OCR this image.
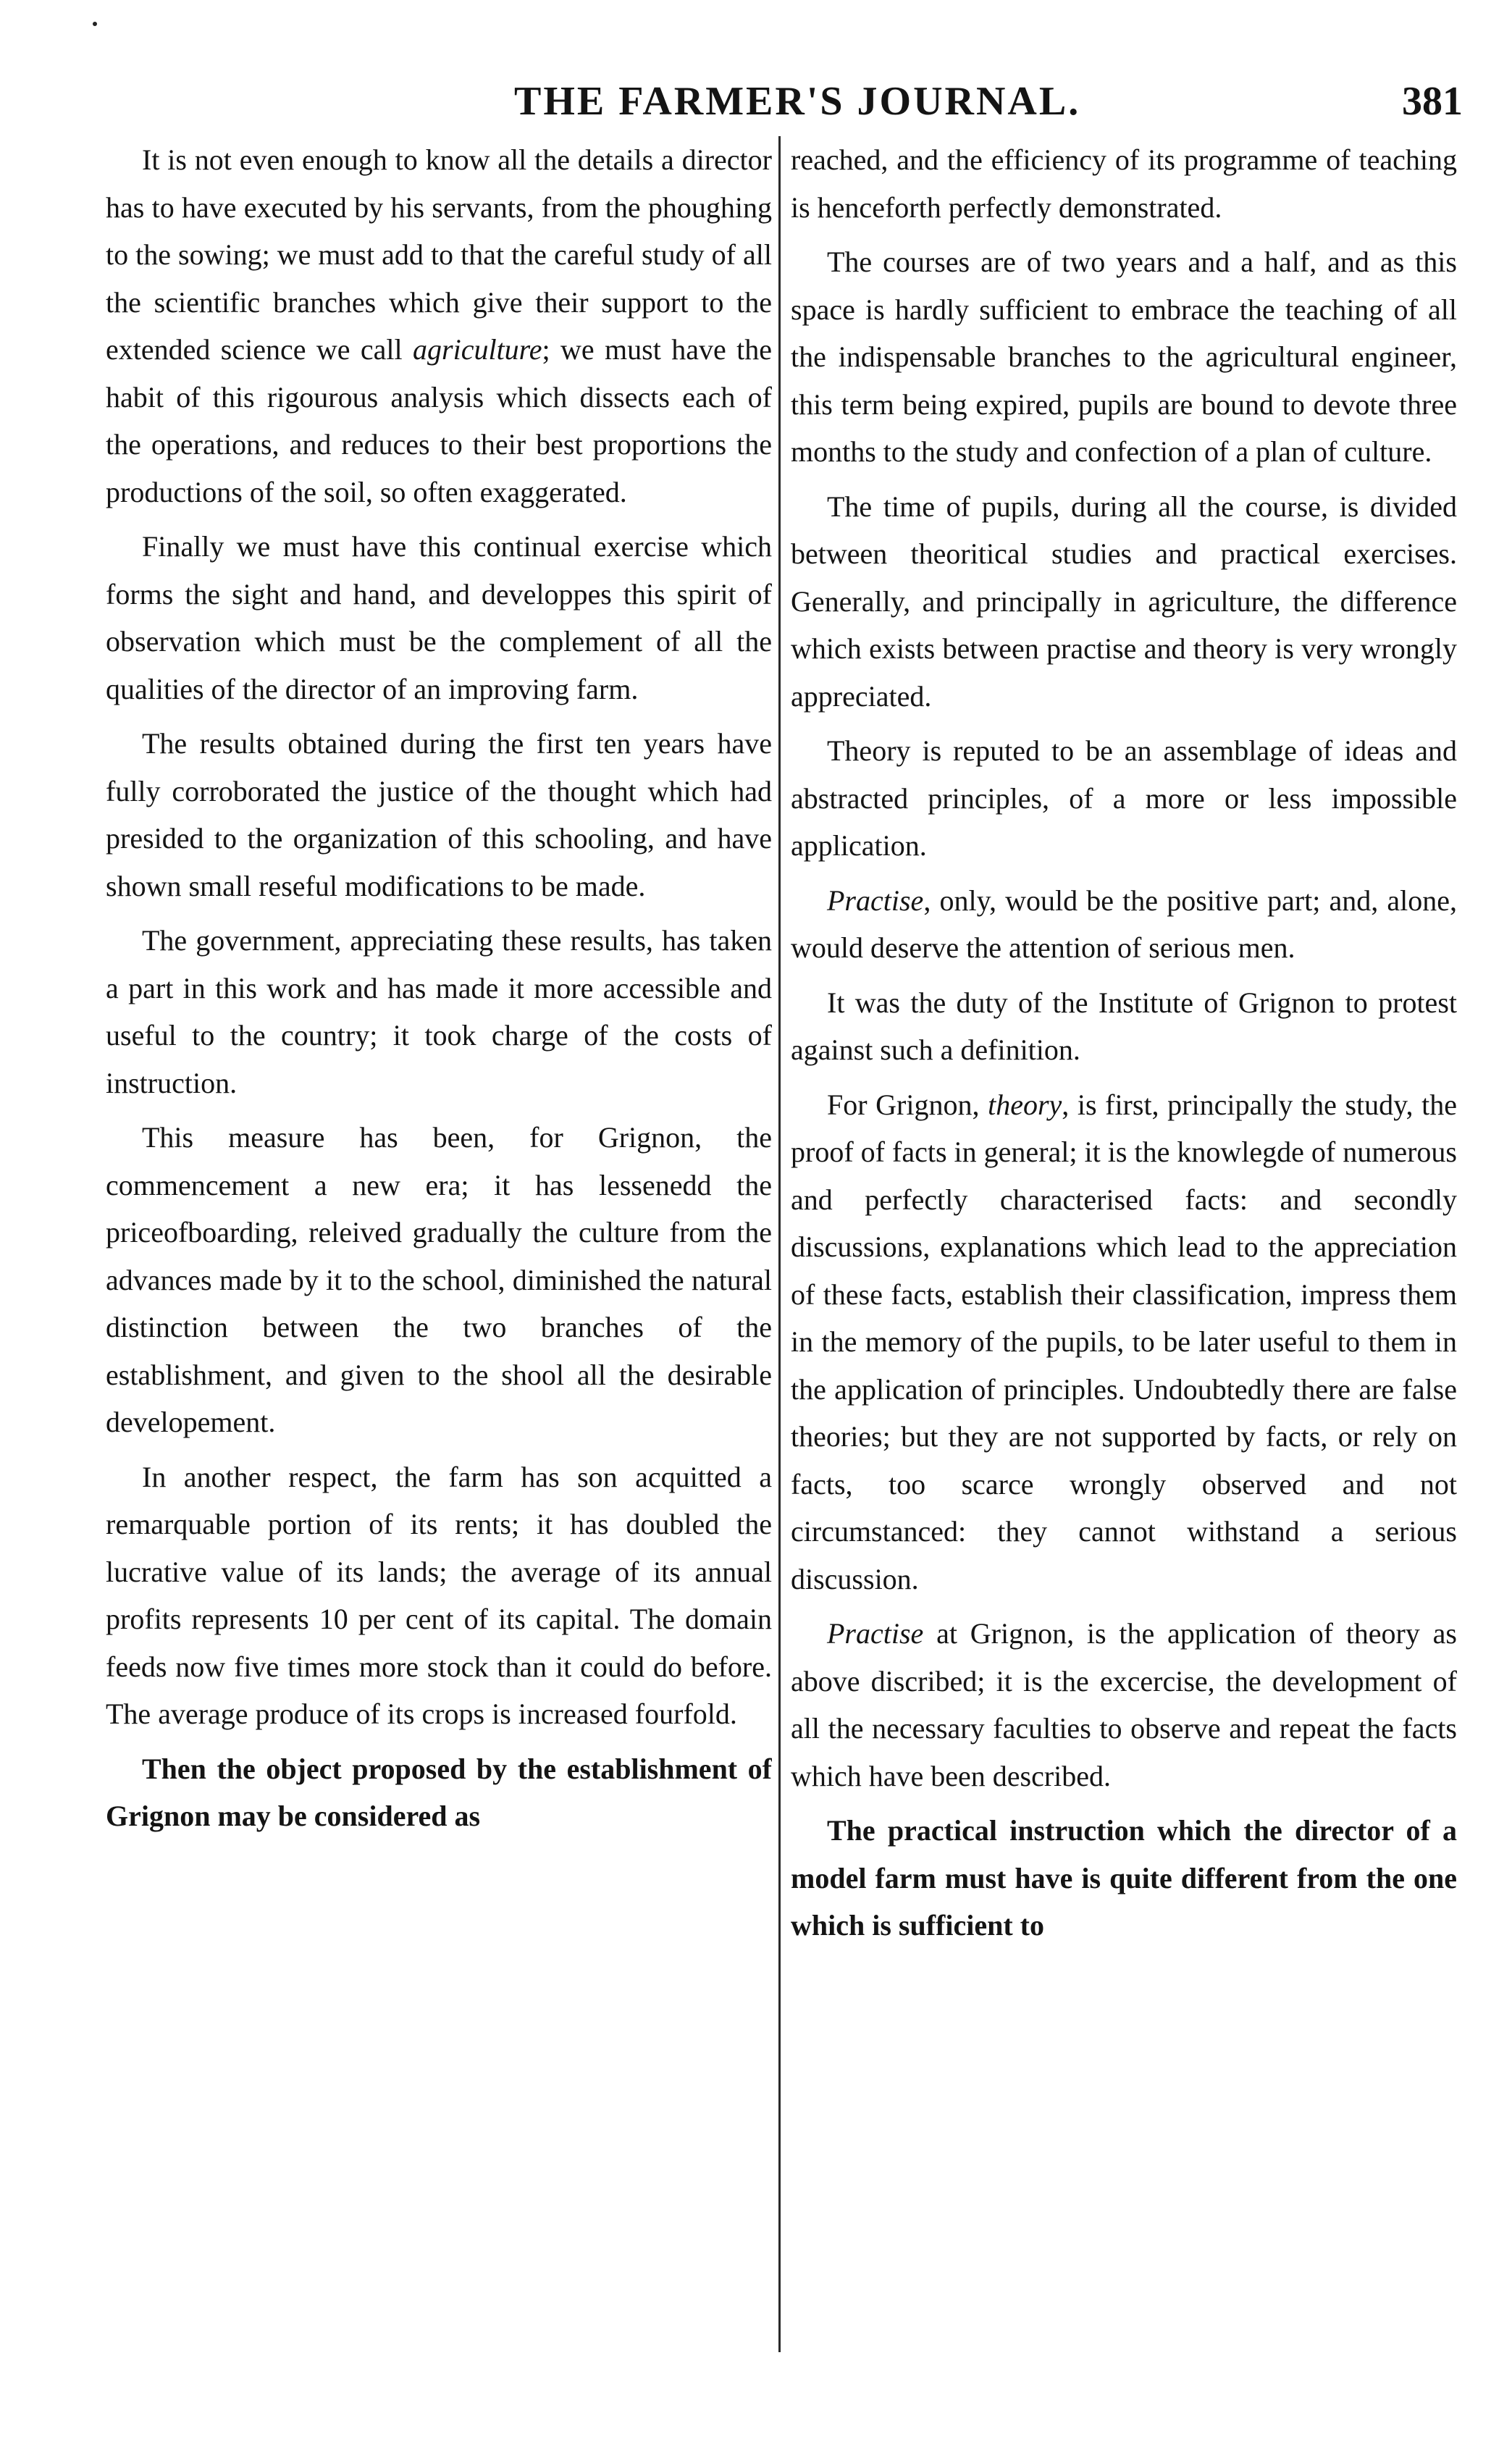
THE FARMER'S JOURNAL.	381

It is not even enough to know all the details a director has to have executed by his servants, from the phoughing to the sowing; we must add to that the careful study of all the scientific branches which give their support to the extended science we call agriculture; we must have the habit of this rigourous analysis which dissects each of the operations, and reduces to their best proportions the productions of the soil, so often exaggerated.

Finally we must have this continual exercise which forms the sight and hand, and developpes this spirit of observation which must be the complement of all the qualities of the director of an improving farm.

The results obtained during the first ten years have fully corroborated the justice of the thought which had presided to the organization of this schooling, and have shown small reseful modifications to be made.

The government, appreciating these results, has taken a part in this work and has made it more accessible and useful to the country; it took charge of the costs of instruction.

This measure has been, for Grignon, the commencement a new era; it has lessenedd the priceofboarding, releived gradually the culture from the advances made by it to the school, diminished the natural distinction between the two branches of the establishment, and given to the shool all the desirable developement.

In another respect, the farm has son acquitted a remarquable portion of its rents; it has doubled the lucrative value of its lands; the average of its annual profits represents 10 per cent of its capital. The domain feeds now five times more stock than it could do before. The average produce of its crops is increased fourfold.

Then the object proposed by the establishment of Grignon may be considered as

reached, and the efficiency of its programme of teaching is henceforth perfectly demonstrated.

The courses are of two years and a half, and as this space is hardly sufficient to embrace the teaching of all the indispensable branches to the agricultural engineer, this term being expired, pupils are bound to devote three months to the study and confection of a plan of culture.

The time of pupils, during all the course, is divided between theoritical studies and practical exercises. Generally, and principally in agriculture, the difference which exists between practise and theory is very wrongly appreciated.

Theory is reputed to be an assemblage of ideas and abstracted principles, of a more or less impossible application.

Practise, only, would be the positive part; and, alone, would deserve the attention of serious men.

It was the duty of the Institute of Grignon to protest against such a definition.

For Grignon, theory, is first, principally the study, the proof of facts in general; it is the knowlegde of numerous and perfectly characterised facts: and secondly discussions, explanations which lead to the appreciation of these facts, establish their classification, impress them in the memory of the pupils, to be later useful to them in the application of principles. Undoubtedly there are false theories; but they are not supported by facts, or rely on facts, too scarce wrongly observed and not circumstanced: they cannot withstand a serious discussion.

Practise at Grignon, is the application of theory as above discribed; it is the excercise, the development of all the necessary faculties to observe and repeat the facts which have been described.

The practical instruction which the director of a model farm must have is quite different from the one which is sufficient to
